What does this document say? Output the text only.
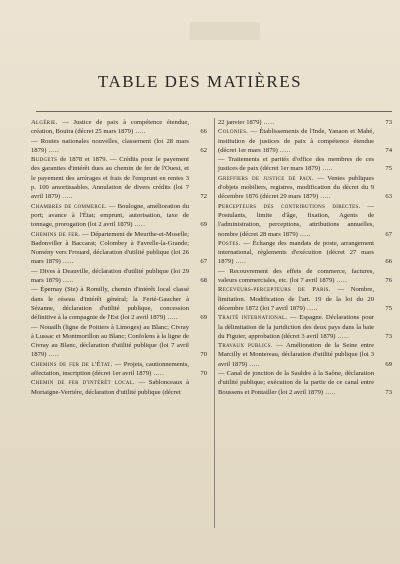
TABLE DES MATIÈRES
Algérie. — Justice de paix à compétence étendue, création, Bouïra (décret 25 mars 1879) .....	66
— Routes nationales nouvelles, classement (loi 28 mars 1879) .....	62
Budgets de 1878 et 1879. — Crédits pour le payement des garanties d'intérêt dues au chemin de fer de l'Ouest, et le payement des arrérages et frais de l'emprunt en rentes 3 p. 100 amortissables. Annulation de divers crédits (loi 7 avril 1879) .....	72
Chambres de commerce. — Boulogne, amélioration du port; avance à l'État; emprunt, autorisation, taxe de tonnage, prorogation (loi 2 avril 1879) .....	69
Chemins de fer. — Département de Meurthe-et-Moselle; Badonviller à Baccarat; Colombey à Favrelle-la-Grande; Nomény vers Frouard, déclaration d'utilité publique (loi 26 mars 1879) .....	67
— Dives à Deauville, déclaration d'utilité publique (loi 29 mars 1879) .....	68
— Épernay (Ste) à Romilly, chemin d'intérêt local classé dans le réseau d'intérêt général; la Ferté-Gaucher à Sézanne, déclaration d'utilité publique, concession définitive à la compagnie de l'Est (loi 2 avril 1879) .....	69
— Nouailh (ligne de Poitiers à Limoges) au Blanc; Civray à Lussac et Montmorillon au Blanc; Confolens à la ligne de Civray au Blanc, déclaration d'utilité publique (loi 7 avril 1879) .....	70
Chemins de fer de l'État. — Projets, cautionnements, affectation, inscription (décret 1er avril 1879) .....	70
Chemin de fer d'intérêt local. — Sablonceaux à Mortaigne-Verrière, déclaration d'utilité publique (décret
22 janvier 1879) .....	73
Colonies. — Établissements de l'Inde, Yanaon et Mahé, institution de justices de paix à compétence étendue (décret 1er mars 1879) .....	74
— Traitements et parités d'office des membres de ces justices de paix (décret 1er mars 1879) .....	75
Greffiers de justice de paix. — Ventes publiques d'objets mobiliers, registres, modification du décret du 9 décembre 1876 (décret 29 mars 1879) .....	63
Percepteurs des contributions directes. — Postulants, limite d'âge, fixation, Agents de l'administration, perceptions, attributions annuelles, nombre (décret 28 mars 1879) .....	67
Postes. — Échange des mandats de poste, arrangement international, règlements d'exécution (décret 27 mars 1879) .....	66
— Recouvrement des effets de commerce, factures, valeurs commerciales, etc. (loi 7 avril 1879) .....	76
Receveurs-percepteurs de Paris. — Nombre, limitation. Modification de l'art. 19 de la loi du 20 décembre 1872 (loi 7 avril 1879) .....	75
Traité international. — Espagne. Déclarations pour la délimitation de la juridiction des deux pays dans la baie du Figuier, approbation (décret 3 avril 1879) .....	73
Travaux publics. — Amélioration de la Seine entre Marcilly et Montereau, déclaration d'utilité publique (loi 3 avril 1879) .....	69
— Canal de jonction de la Sauldre à la Saône, déclaration d'utilité publique; exécution de la partie de ce canal entre Boussens et Pontailler (loi 2 avril 1879) .....	73
